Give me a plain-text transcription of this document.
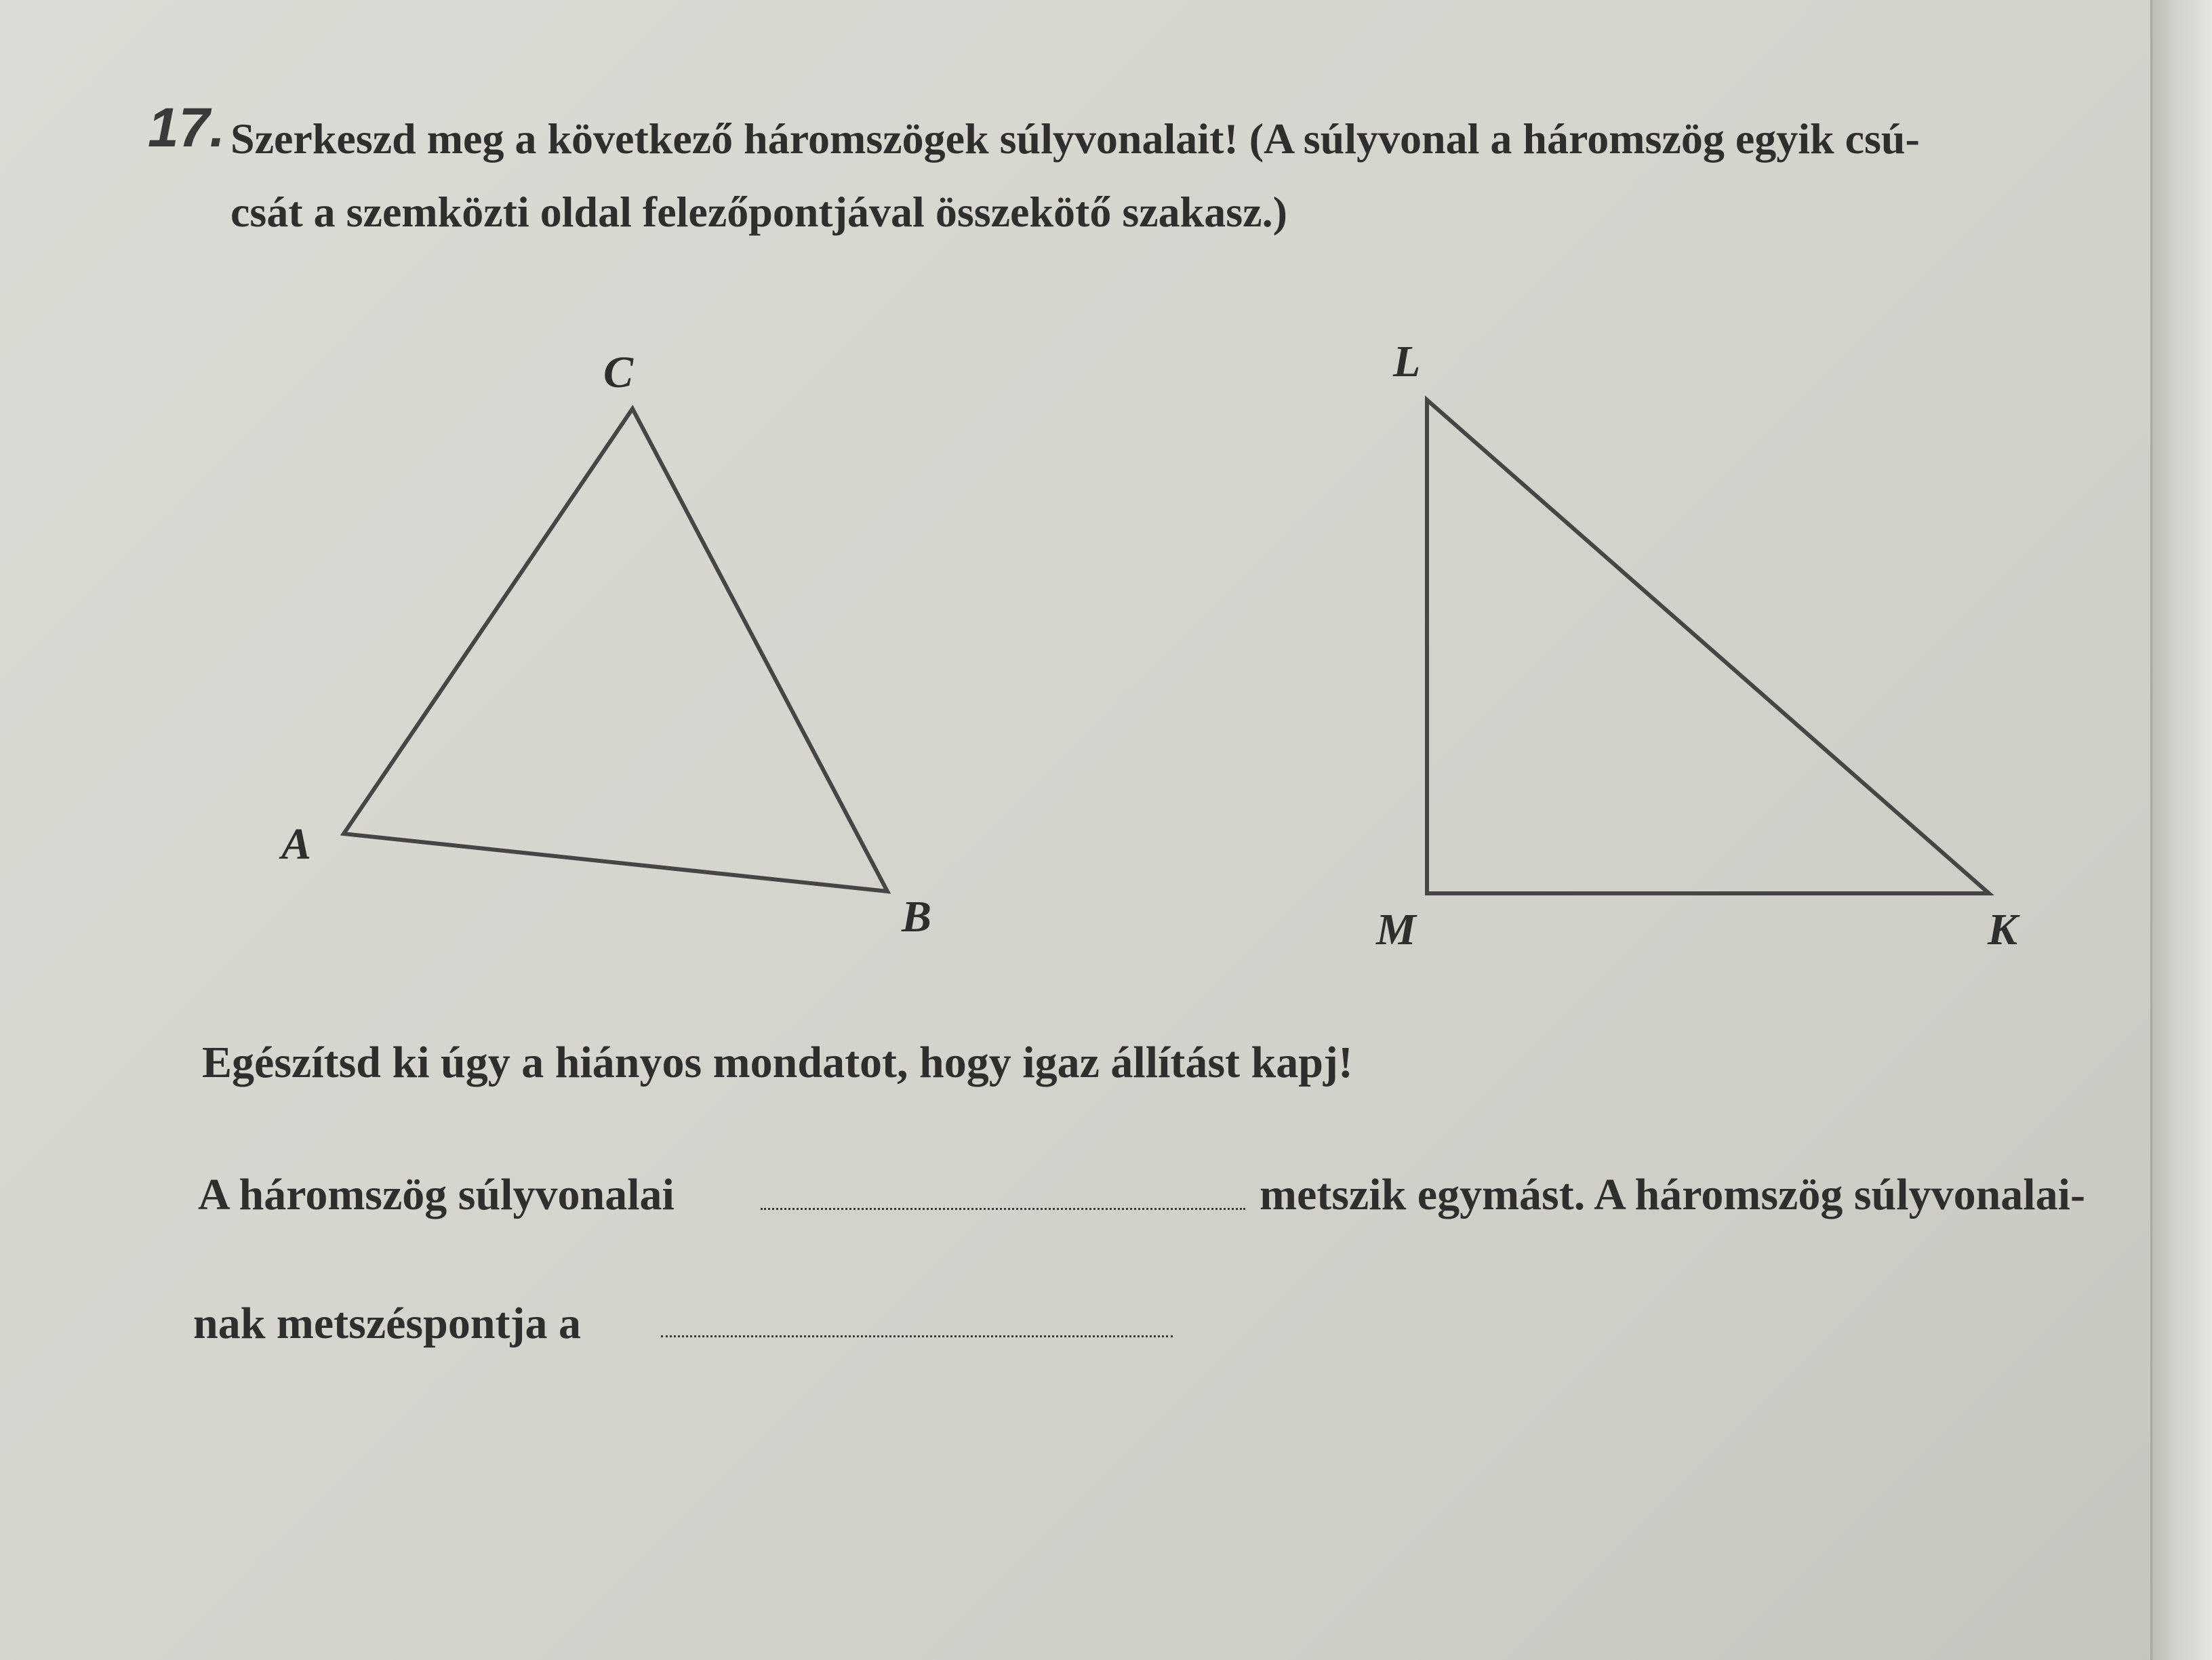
17. Szerkeszd meg a következő háromszögek súlyvonalait! (A súlyvonal a háromszög egyik csú-
csát a szemközti oldal felezőpontjával összekötő szakasz.)
C
A
B
L
M	K
Egészítsd ki úgy a hiányos mondatot, hogy igaz állítást kapj!
A háromszög súlyvonalai	metszik egymást. A háromszög súlyvonalai-
nak metszéspontja a
